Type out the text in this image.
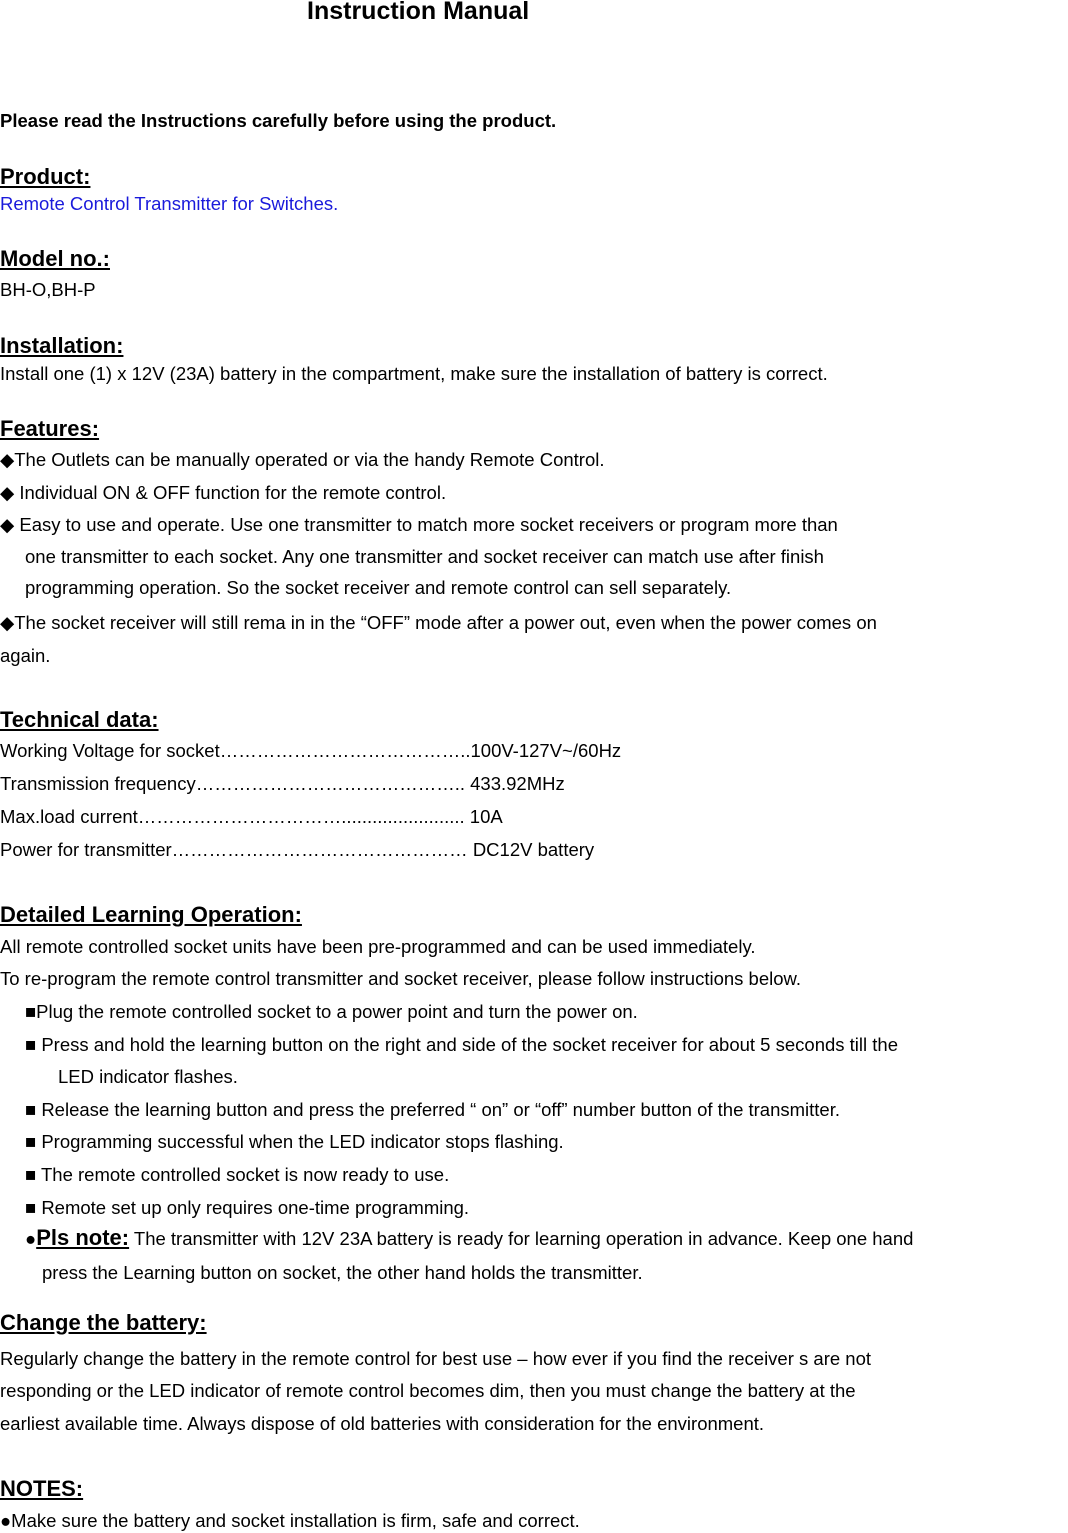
Instruction Manual
Please read the Instructions carefully before using the product.
Product:
Remote Control Transmitter for Switches.
Model no.:
BH-O,BH-P
Installation:
Install one (1) x 12V (23A) battery in the compartment, make sure the installation of battery is correct.
Features:
◆The Outlets can be manually operated or via the handy Remote Control.
◆ Individual ON & OFF function for the remote control.
◆ Easy to use and operate. Use one transmitter to match more socket receivers or program more than
one transmitter to each socket. Any one transmitter and socket receiver can match use after finish
programming operation. So the socket receiver and remote control can sell separately.
◆The socket receiver will still rema in in the “OFF” mode after a power out, even when the power comes on
again.
Technical data:
Working Voltage for socket…………………………………..100V-127V~/60Hz
Transmission frequency…………………………………….. 433.92MHz
Max.load current……………………………........................ 10A
Power for transmitter………………………………………… DC12V battery
Detailed Learning Operation:
All remote controlled socket units have been pre-programmed and can be used immediately.
To re-program the remote control transmitter and socket receiver, please follow instructions below.
■Plug the remote controlled socket to a power point and turn the power on.
■ Press and hold the learning button on the right and side of the socket receiver for about 5 seconds till the
LED indicator flashes.
■ Release the learning button and press the preferred “ on” or “off” number button of the transmitter.
■ Programming successful when the LED indicator stops flashing.
■ The remote controlled socket is now ready to use.
■ Remote set up only requires one-time programming.
●Pls note: The transmitter with 12V 23A battery is ready for learning operation in advance. Keep one hand
press the Learning button on socket, the other hand holds the transmitter.
Change the battery:
Regularly change the battery in the remote control for best use – how ever if you find the receiver s are not
responding or the LED indicator of remote control becomes dim, then you must change the battery at the
earliest available time. Always dispose of old batteries with consideration for the environment.
NOTES:
●Make sure the battery and socket installation is firm, safe and correct.
